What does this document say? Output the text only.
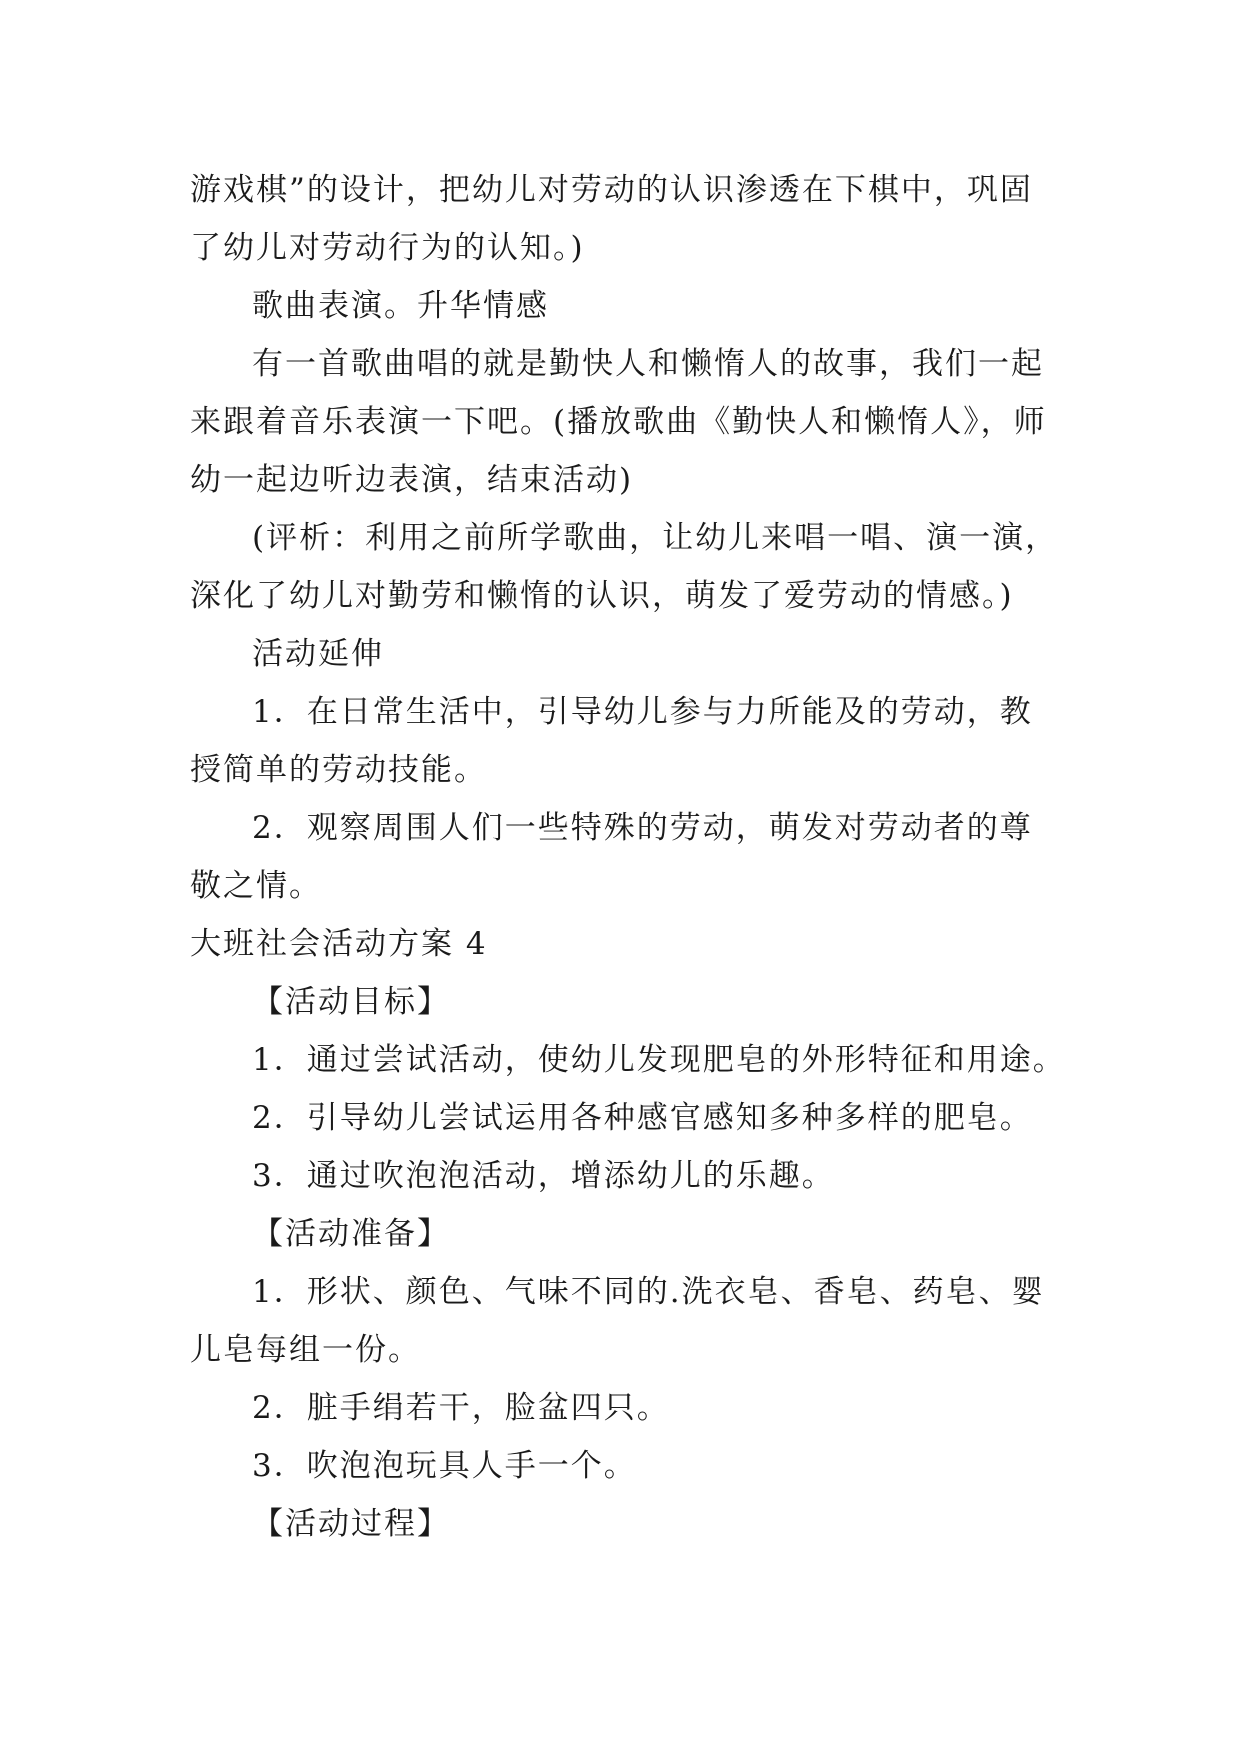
游戏棋”的设计，把幼儿对劳动的认识渗透在下棋中，巩固
了幼儿对劳动行为的认知。)
歌曲表演。升华情感
有一首歌曲唱的就是勤快人和懒惰人的故事，我们一起
来跟着音乐表演一下吧。(播放歌曲《勤快人和懒惰人》，师
幼一起边听边表演，结束活动)
(评析：利用之前所学歌曲，让幼儿来唱一唱、演一演，
深化了幼儿对勤劳和懒惰的认识，萌发了爱劳动的情感。)
活动延伸
1．在日常生活中，引导幼儿参与力所能及的劳动，教
授简单的劳动技能。
2．观察周围人们一些特殊的劳动，萌发对劳动者的尊
敬之情。
大班社会活动方案 4
【活动目标】
1．通过尝试活动，使幼儿发现肥皂的外形特征和用途。
2．引导幼儿尝试运用各种感官感知多种多样的肥皂。
3．通过吹泡泡活动，增添幼儿的乐趣。
【活动准备】
1．形状、颜色、气味不同的.洗衣皂、香皂、药皂、婴
儿皂每组一份。
2．脏手绢若干，脸盆四只。
3．吹泡泡玩具人手一个。
【活动过程】
